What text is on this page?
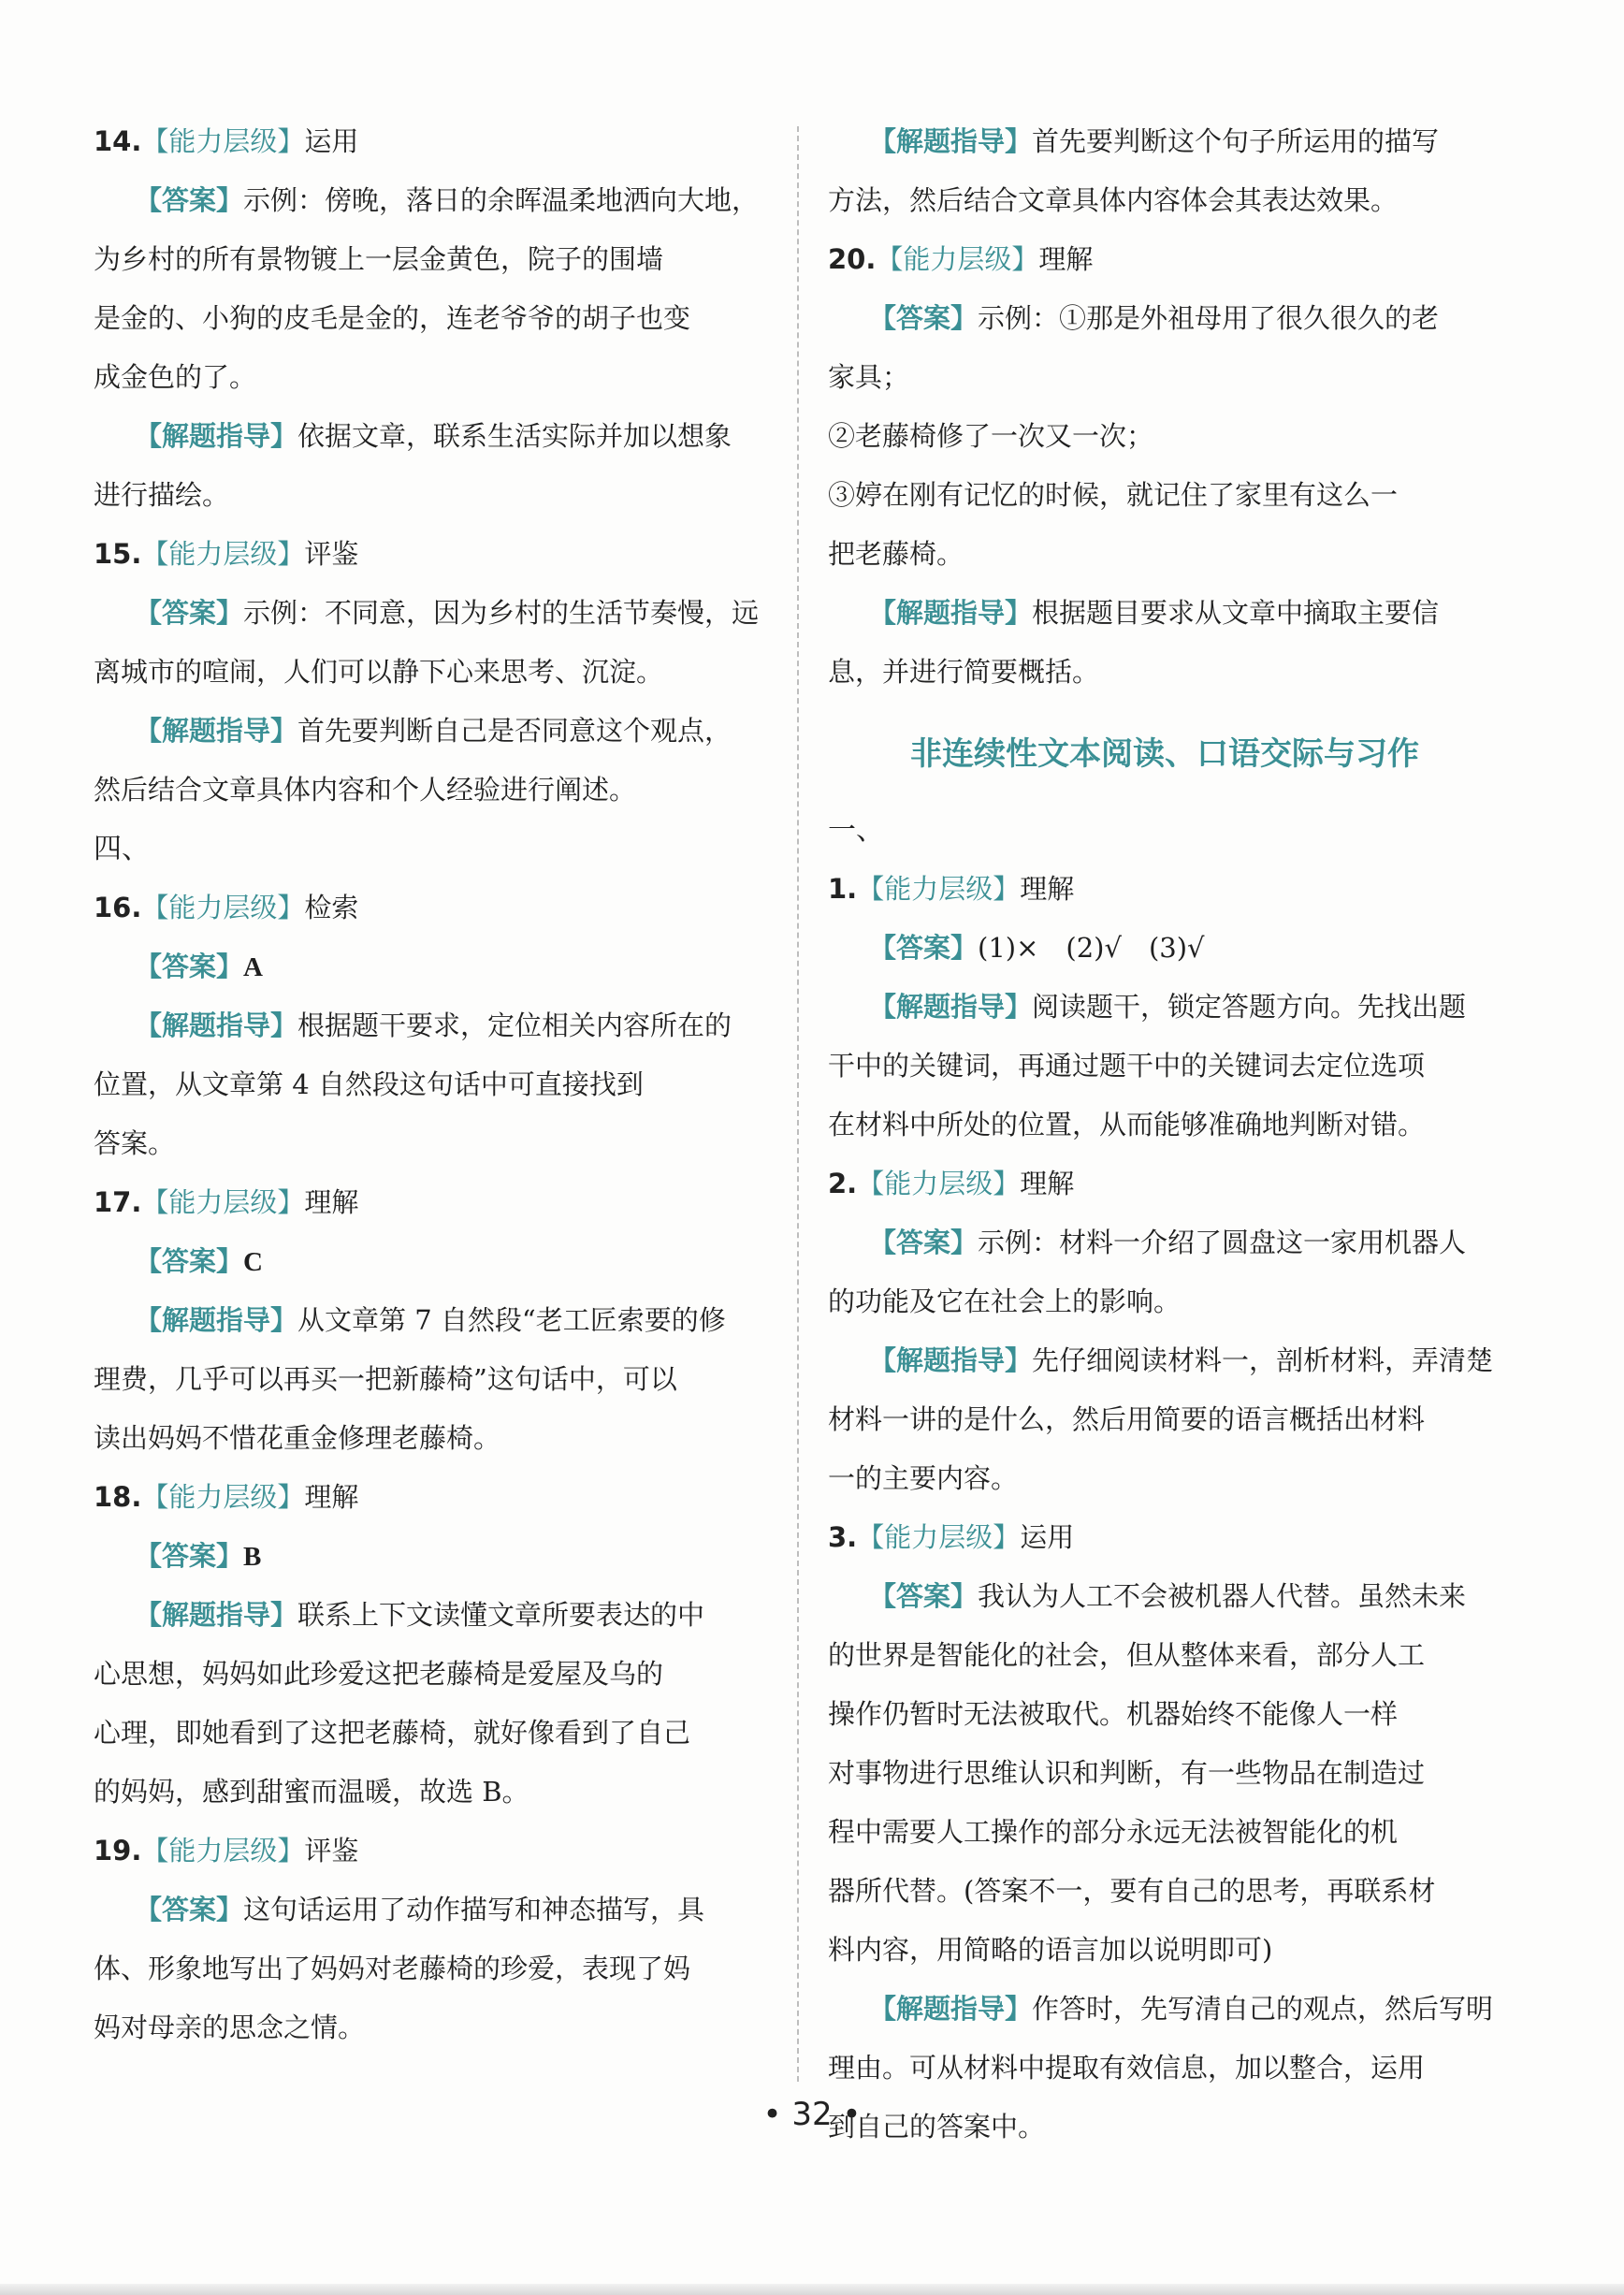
14.【能力层级】运用
【答案】示例：傍晚，落日的余晖温柔地洒向大地，
为乡村的所有景物镀上一层金黄色，院子的围墙
是金的、小狗的皮毛是金的，连老爷爷的胡子也变
成金色的了。
【解题指导】依据文章，联系生活实际并加以想象
进行描绘。
15.【能力层级】评鉴
【答案】示例：不同意，因为乡村的生活节奏慢，远
离城市的喧闹，人们可以静下心来思考、沉淀。
【解题指导】首先要判断自己是否同意这个观点，
然后结合文章具体内容和个人经验进行阐述。
四、
16.【能力层级】检索
【答案】A
【解题指导】根据题干要求，定位相关内容所在的
位置，从文章第 4 自然段这句话中可直接找到
答案。
17.【能力层级】理解
【答案】C
【解题指导】从文章第 7 自然段“老工匠索要的修
理费，几乎可以再买一把新藤椅”这句话中，可以
读出妈妈不惜花重金修理老藤椅。
18.【能力层级】理解
【答案】B
【解题指导】联系上下文读懂文章所要表达的中
心思想，妈妈如此珍爱这把老藤椅是爱屋及乌的
心理，即她看到了这把老藤椅，就好像看到了自己
的妈妈，感到甜蜜而温暖，故选 B。
19.【能力层级】评鉴
【答案】这句话运用了动作描写和神态描写，具
体、形象地写出了妈妈对老藤椅的珍爱，表现了妈
妈对母亲的思念之情。
【解题指导】首先要判断这个句子所运用的描写
方法，然后结合文章具体内容体会其表达效果。
20.【能力层级】理解
【答案】示例：①那是外祖母用了很久很久的老
家具；
②老藤椅修了一次又一次；
③婷在刚有记忆的时候，就记住了家里有这么一
把老藤椅。
【解题指导】根据题目要求从文章中摘取主要信
息，并进行简要概括。
非连续性文本阅读、口语交际与习作
一、
1.【能力层级】理解
【答案】(1)×　(2)√　(3)√
【解题指导】阅读题干，锁定答题方向。先找出题
干中的关键词，再通过题干中的关键词去定位选项
在材料中所处的位置，从而能够准确地判断对错。
2.【能力层级】理解
【答案】示例：材料一介绍了圆盘这一家用机器人
的功能及它在社会上的影响。
【解题指导】先仔细阅读材料一，剖析材料，弄清楚
材料一讲的是什么，然后用简要的语言概括出材料
一的主要内容。
3.【能力层级】运用
【答案】我认为人工不会被机器人代替。虽然未来
的世界是智能化的社会，但从整体来看，部分人工
操作仍暂时无法被取代。机器始终不能像人一样
对事物进行思维认识和判断，有一些物品在制造过
程中需要人工操作的部分永远无法被智能化的机
器所代替。(答案不一，要有自己的思考，再联系材
料内容，用简略的语言加以说明即可)
【解题指导】作答时，先写清自己的观点，然后写明
理由。可从材料中提取有效信息，加以整合，运用
到自己的答案中。
• 32 •
